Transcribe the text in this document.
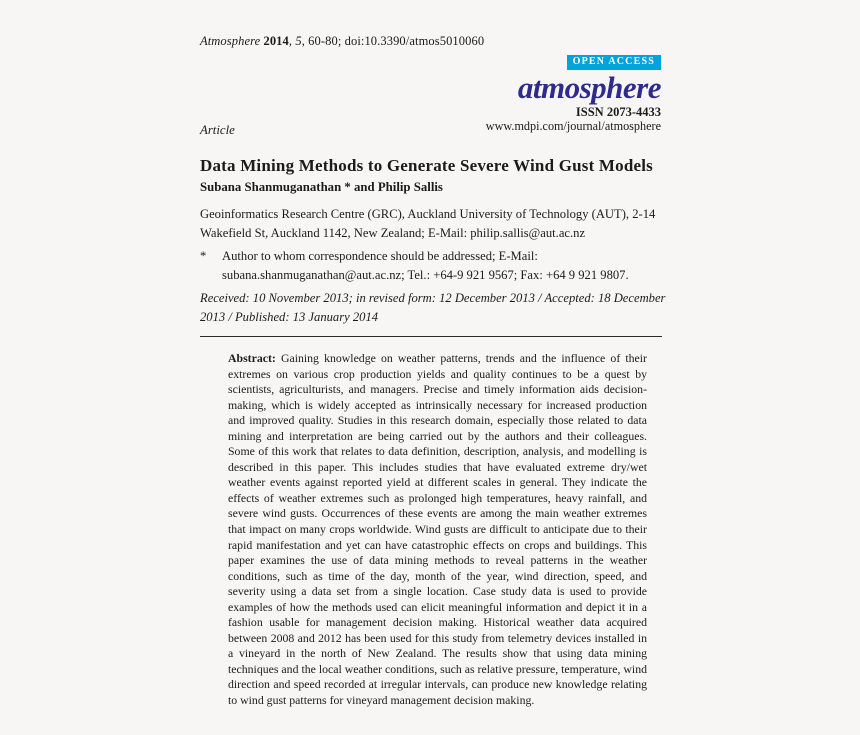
Atmosphere 2014, 5, 60-80; doi:10.3390/atmos5010060
OPEN ACCESS
atmosphere
ISSN 2073-4433
www.mdpi.com/journal/atmosphere
Article
Data Mining Methods to Generate Severe Wind Gust Models
Subana Shanmuganathan * and Philip Sallis
Geoinformatics Research Centre (GRC), Auckland University of Technology (AUT), 2-14 Wakefield St, Auckland 1142, New Zealand; E-Mail: philip.sallis@aut.ac.nz
*	Author to whom correspondence should be addressed; E-Mail: subana.shanmuganathan@aut.ac.nz; Tel.: +64-9 921 9567; Fax: +64 9 921 9807.
Received: 10 November 2013; in revised form: 12 December 2013 / Accepted: 18 December 2013 / Published: 13 January 2014
Abstract: Gaining knowledge on weather patterns, trends and the influence of their extremes on various crop production yields and quality continues to be a quest by scientists, agriculturists, and managers. Precise and timely information aids decision-making, which is widely accepted as intrinsically necessary for increased production and improved quality. Studies in this research domain, especially those related to data mining and interpretation are being carried out by the authors and their colleagues. Some of this work that relates to data definition, description, analysis, and modelling is described in this paper. This includes studies that have evaluated extreme dry/wet weather events against reported yield at different scales in general. They indicate the effects of weather extremes such as prolonged high temperatures, heavy rainfall, and severe wind gusts. Occurrences of these events are among the main weather extremes that impact on many crops worldwide. Wind gusts are difficult to anticipate due to their rapid manifestation and yet can have catastrophic effects on crops and buildings. This paper examines the use of data mining methods to reveal patterns in the weather conditions, such as time of the day, month of the year, wind direction, speed, and severity using a data set from a single location. Case study data is used to provide examples of how the methods used can elicit meaningful information and depict it in a fashion usable for management decision making. Historical weather data acquired between 2008 and 2012 has been used for this study from telemetry devices installed in a vineyard in the north of New Zealand. The results show that using data mining techniques and the local weather conditions, such as relative pressure, temperature, wind direction and speed recorded at irregular intervals, can produce new knowledge relating to wind gust patterns for vineyard management decision making.
